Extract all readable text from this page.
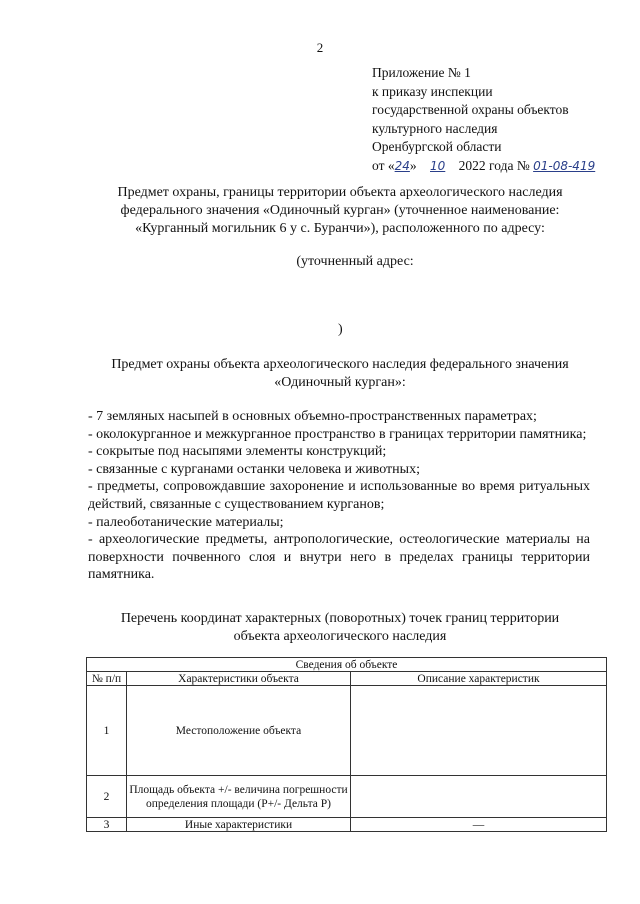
2
Приложение № 1
к приказу инспекции
государственной охраны объектов
культурного наследия
Оренбургской области
от «24» 10 2022 года № 01-08-419
Предмет охраны, границы территории объекта археологического наследия
федерального значения «Одиночный курган» (уточненное наименование:
«Курганный могильник 6 у с. Буранчи»), расположенного по адресу:
(уточненный адрес:
)
Предмет охраны объекта археологического наследия федерального значения
«Одиночный курган»:

- 7 земляных насыпей в основных объемно-пространственных параметрах;

- околокурганное и межкурганное пространство в границах территории памятника;

- сокрытые под насыпями элементы конструкций;

- связанные с курганами останки человека и животных;

- предметы, сопровождавшие захоронение и использованные во время ритуальных действий, связанные с существованием курганов;

- палеоботанические материалы;

- археологические предметы, антропологические, остеологические материалы на поверхности почвенного слоя и внутри него в пределах границы территории памятника.

Перечень координат характерных (поворотных) точек границ территории
объекта археологического наследия
Сведения об объекте		
№ п/п	Характеристики объекта	Описание характеристик
1	Местоположение объекта	
2	Площадь объекта +/- величина погрешности определения площади (P+/- Дельта P)	
3	Иные характеристики	—
